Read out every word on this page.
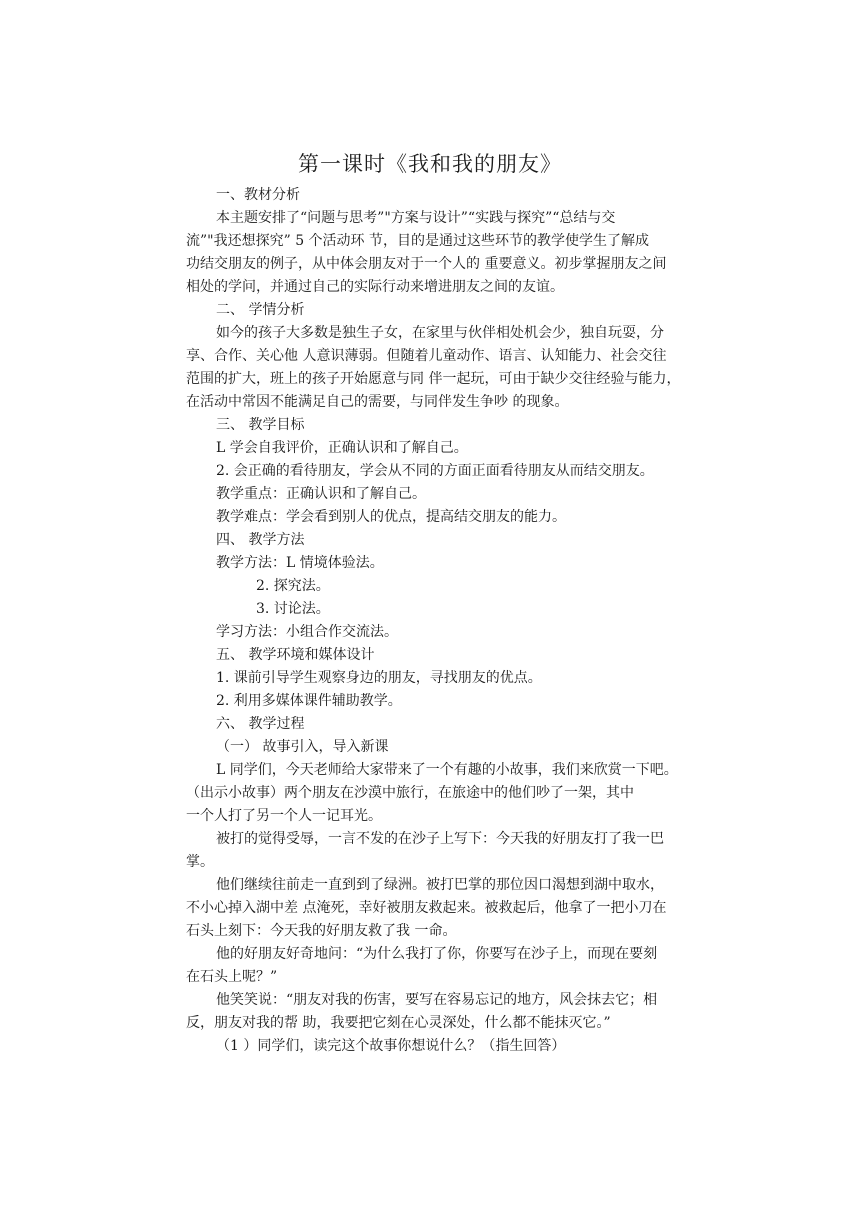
第一课时《我和我的朋友》
一、教材分析
本主题安排了“问题与思考”"方案与设计”“实践与探究”“总结与交
流”"我还想探究” 5 个活动环 节，目的是通过这些环节的教学使学生了解成
功结交朋友的例子，从中体会朋友对于一个人的 重要意义。初步掌握朋友之间
相处的学问，并通过自己的实际行动来增进朋友之间的友谊。
二、 学情分析
如今的孩子大多数是独生子女，在家里与伙伴相处机会少，独自玩耍，分
享、合作、关心他 人意识薄弱。但随着儿童动作、语言、认知能力、社会交往
范围的扩大，班上的孩子开始愿意与同 伴一起玩，可由于缺少交往经验与能力，
在活动中常因不能满足自己的需要，与同伴发生争吵 的现象。
三、 教学目标
L 学会自我评价，正确认识和了解自己。
2. 会正确的看待朋友，学会从不同的方面正面看待朋友从而结交朋友。
教学重点：正确认识和了解自己。
教学难点：学会看到别人的优点，提高结交朋友的能力。
四、 教学方法
教学方法：L 情境体验法。
2. 探究法。
3. 讨论法。
学习方法：小组合作交流法。
五、 教学环境和媒体设计
1. 课前引导学生观察身边的朋友，寻找朋友的优点。
2. 利用多媒体课件辅助教学。
六、 教学过程
（一） 故事引入，导入新课
L 同学们，今天老师给大家带来了一个有趣的小故事，我们来欣赏一下吧。
（出示小故事）两个朋友在沙漠中旅行，在旅途中的他们吵了一架，其中
一个人打了另一个人一记耳光。
被打的觉得受辱，一言不发的在沙子上写下：今天我的好朋友打了我一巴
掌。
他们继续往前走一直到到了绿洲。被打巴掌的那位因口渴想到湖中取水，
不小心掉入湖中差 点淹死，幸好被朋友救起来。被救起后，他拿了一把小刀在
石头上刻下：今天我的好朋友救了我 一命。
他的好朋友好奇地问：“为什么我打了你，你要写在沙子上，而现在要刻
在石头上呢？”
他笑笑说：“朋友对我的伤害，要写在容易忘记的地方，风会抹去它；相
反，朋友对我的帮 助，我要把它刻在心灵深处，什么都不能抹灭它。”
（1 ）同学们，读完这个故事你想说什么？（指生回答）
